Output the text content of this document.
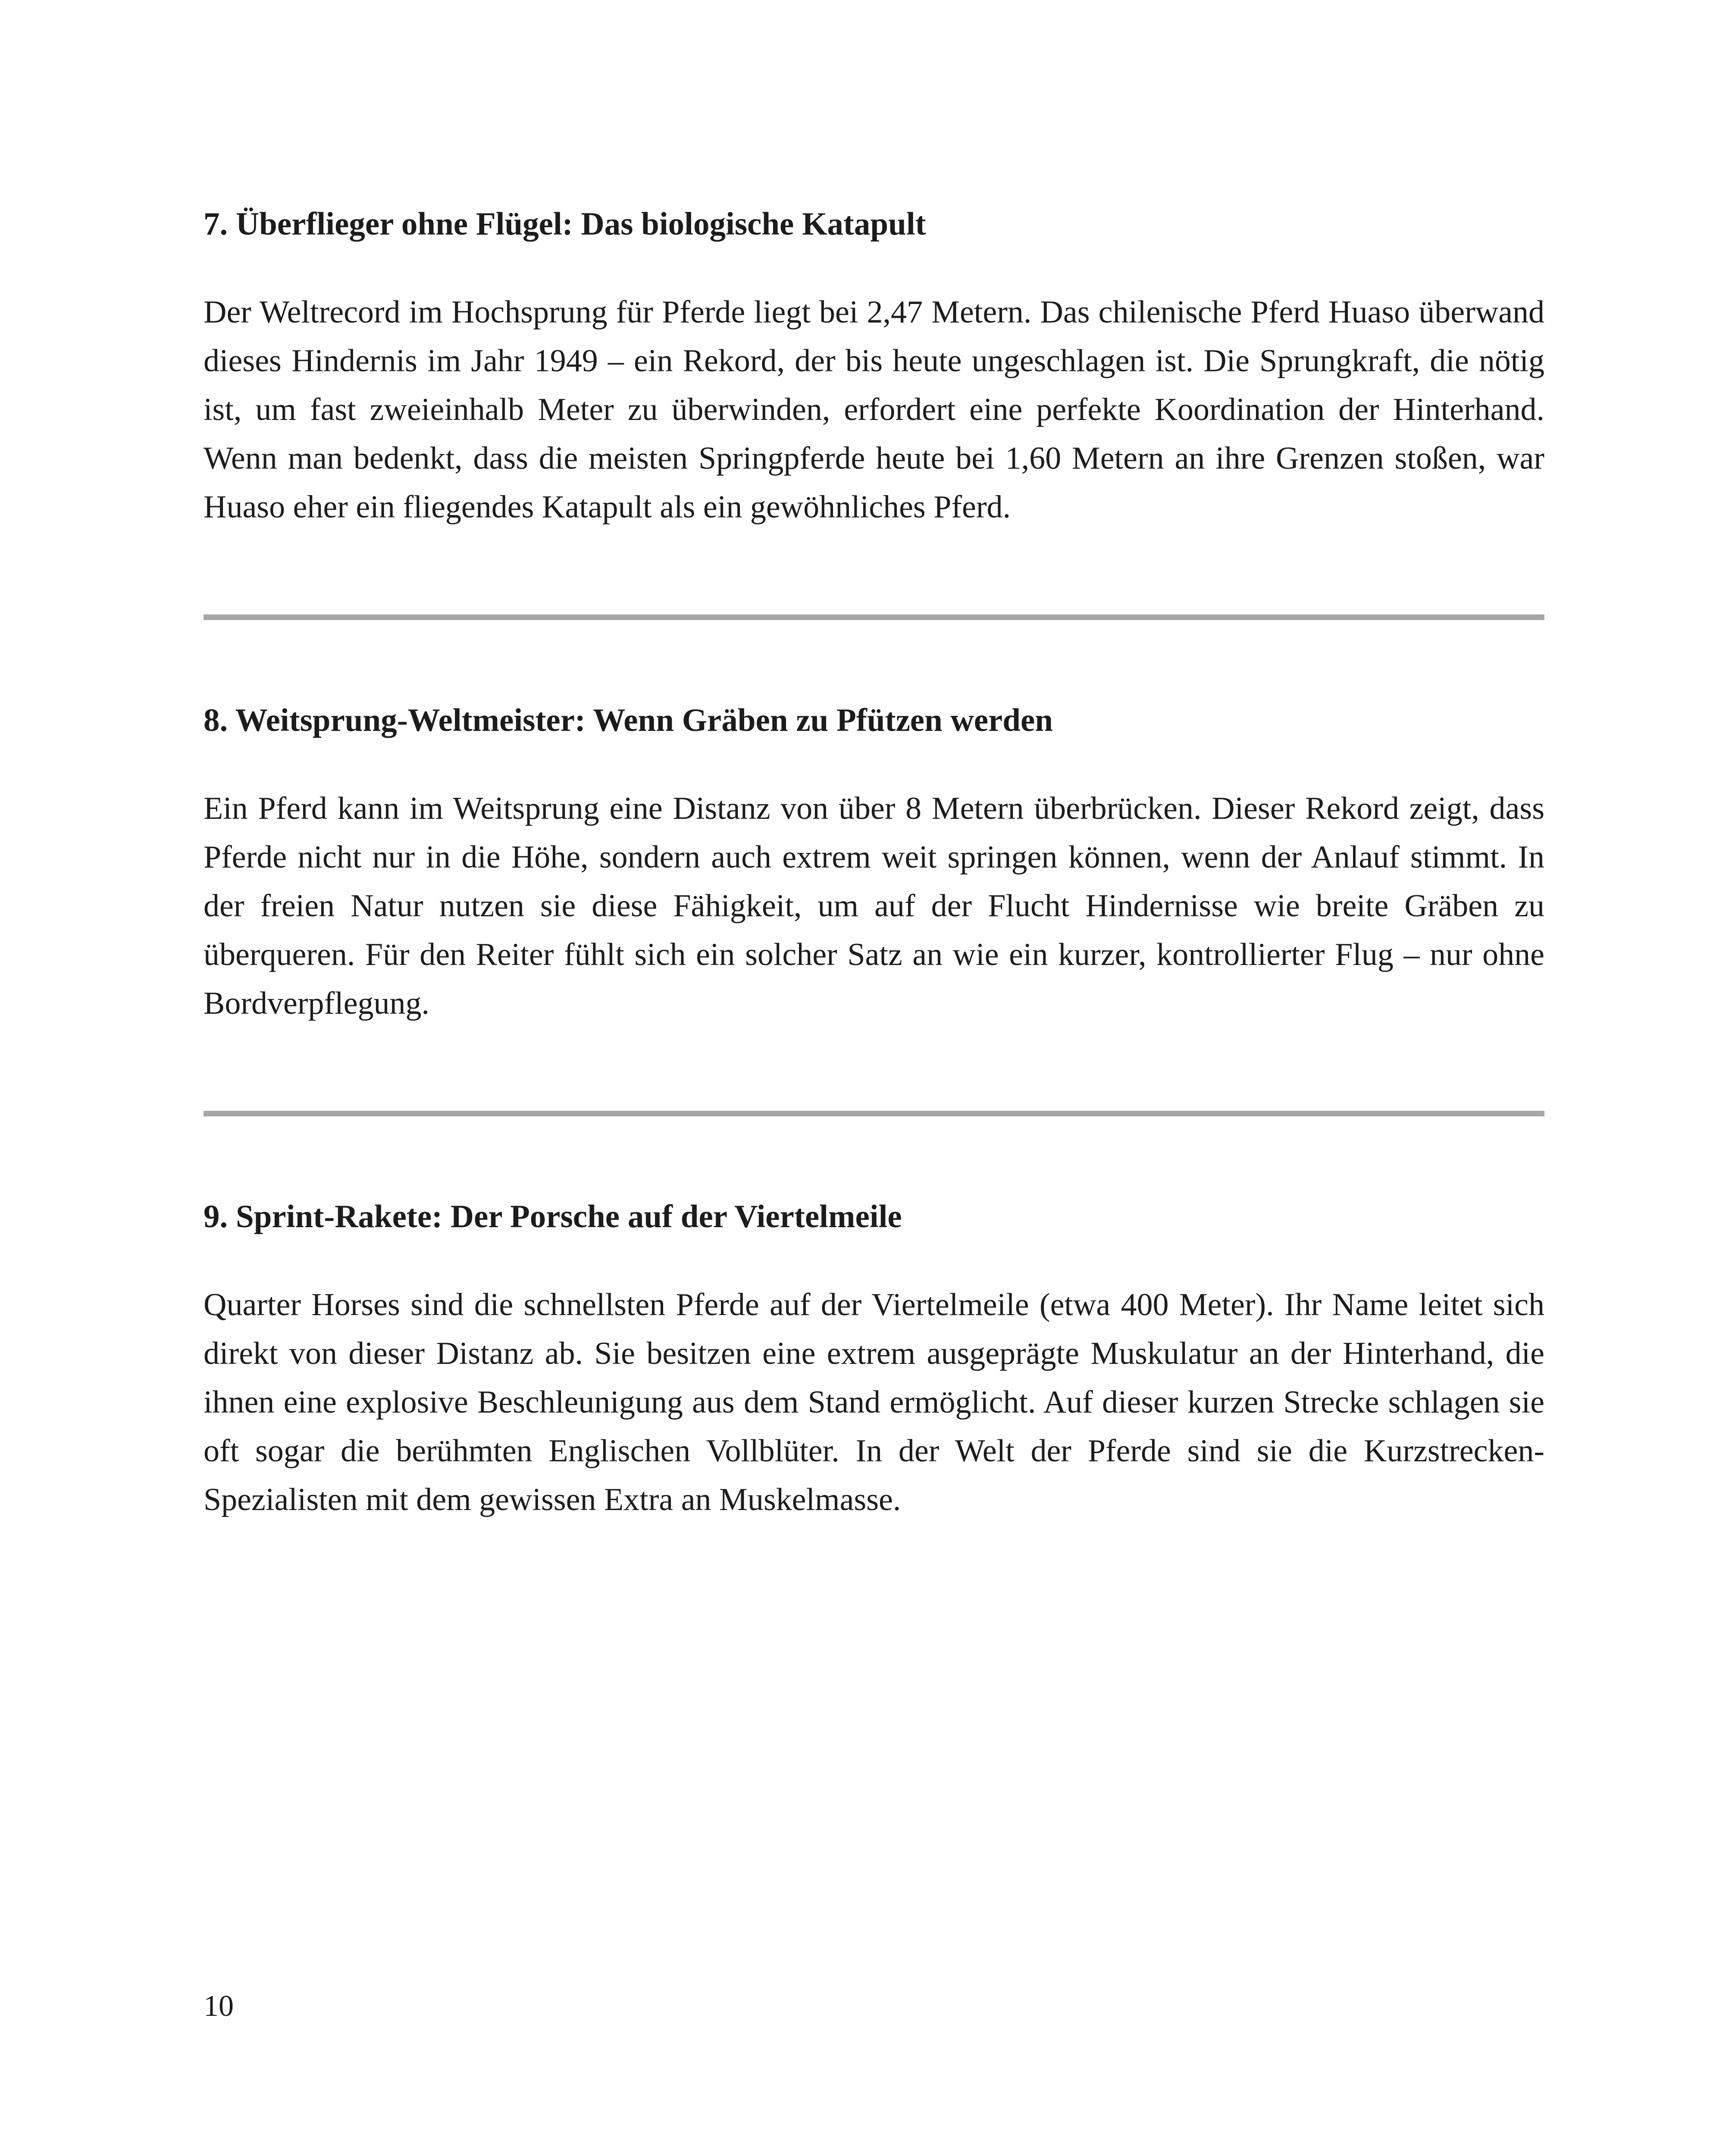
7. Überflieger ohne Flügel: Das biologische Katapult

Der Weltrecord im Hochsprung für Pferde liegt bei 2,47 Metern. Das chilenische Pferd Huaso überwand dieses Hindernis im Jahr 1949 – ein Rekord, der bis heute ungeschlagen ist. Die Sprungkraft, die nötig ist, um fast zweieinhalb Meter zu überwinden, erfordert eine perfekte Koordination der Hinterhand. Wenn man bedenkt, dass die meisten Springpferde heute bei 1,60 Metern an ihre Grenzen stoßen, war Huaso eher ein fliegendes Katapult als ein gewöhnliches Pferd.

8. Weitsprung-Weltmeister: Wenn Gräben zu Pfützen werden

Ein Pferd kann im Weitsprung eine Distanz von über 8 Metern überbrücken. Dieser Rekord zeigt, dass Pferde nicht nur in die Höhe, sondern auch extrem weit springen können, wenn der Anlauf stimmt. In der freien Natur nutzen sie diese Fähigkeit, um auf der Flucht Hindernisse wie breite Gräben zu überqueren. Für den Reiter fühlt sich ein solcher Satz an wie ein kurzer, kontrollierter Flug – nur ohne Bordverpflegung.

9. Sprint-Rakete: Der Porsche auf der Viertelmeile

Quarter Horses sind die schnellsten Pferde auf der Viertelmeile (etwa 400 Meter). Ihr Name leitet sich direkt von dieser Distanz ab. Sie besitzen eine extrem ausgeprägte Muskulatur an der Hinterhand, die ihnen eine explosive Beschleunigung aus dem Stand ermöglicht. Auf dieser kurzen Strecke schlagen sie oft sogar die berühmten Englischen Vollblüter. In der Welt der Pferde sind sie die Kurzstrecken-Spezialisten mit dem gewissen Extra an Muskelmasse.

10
